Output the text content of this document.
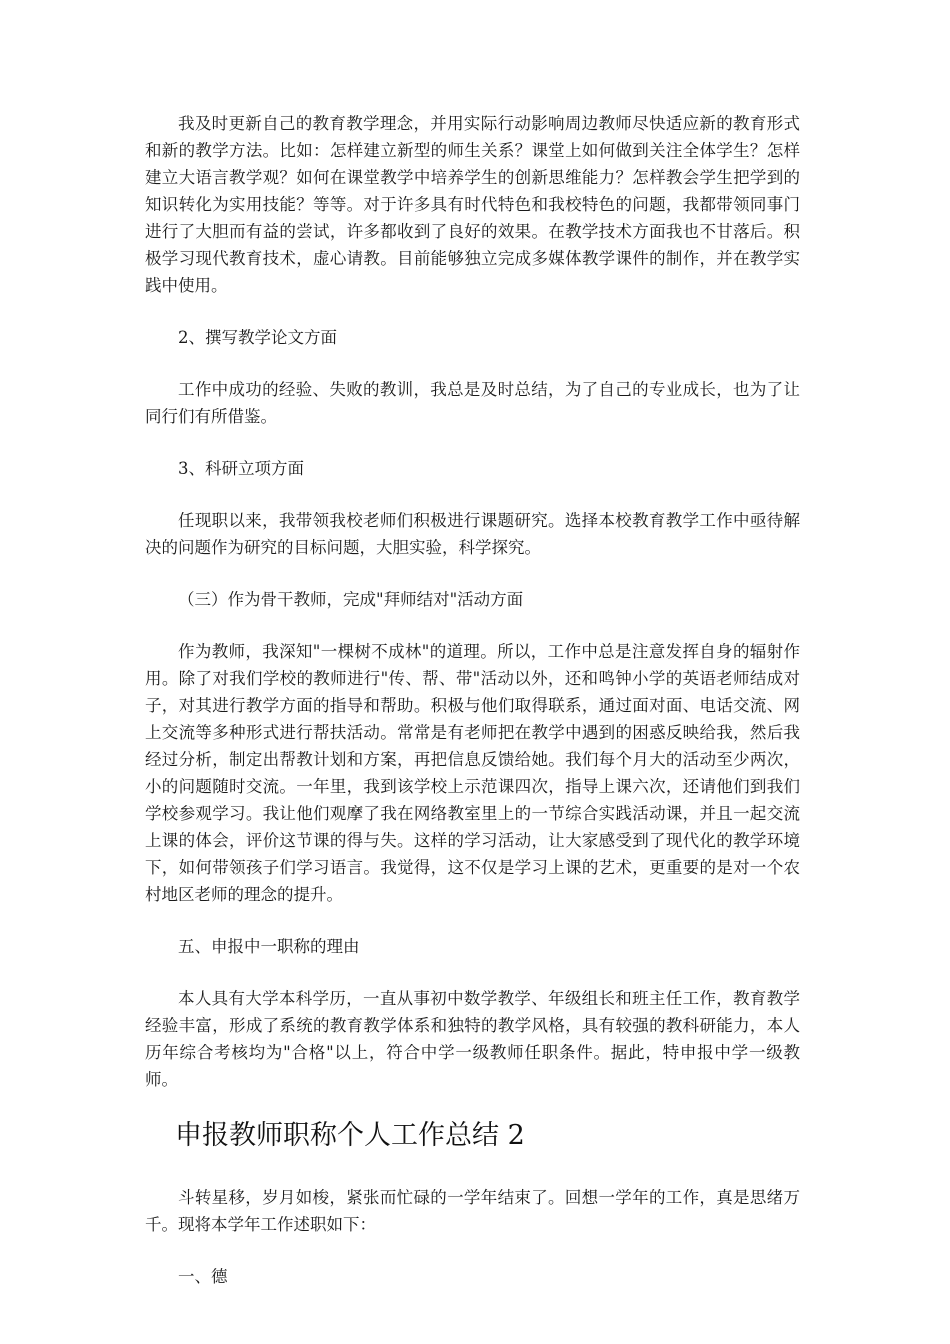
我及时更新自己的教育教学理念，并用实际行动影响周边教师尽快适应新的教育形式和新的教学方法。比如：怎样建立新型的师生关系？课堂上如何做到关注全体学生？怎样建立大语言教学观？如何在课堂教学中培养学生的创新思维能力？怎样教会学生把学到的知识转化为实用技能？等等。对于许多具有时代特色和我校特色的问题，我都带领同事门进行了大胆而有益的尝试，许多都收到了良好的效果。在教学技术方面我也不甘落后。积极学习现代教育技术，虚心请教。目前能够独立完成多媒体教学课件的制作，并在教学实践中使用。

2、撰写教学论文方面

工作中成功的经验、失败的教训，我总是及时总结，为了自己的专业成长，也为了让同行们有所借鉴。

3、科研立项方面

任现职以来，我带领我校老师们积极进行课题研究。选择本校教育教学工作中亟待解决的问题作为研究的目标问题，大胆实验，科学探究。

（三）作为骨干教师，完成"拜师结对"活动方面

作为教师，我深知"一棵树不成林"的道理。所以，工作中总是注意发挥自身的辐射作用。除了对我们学校的教师进行"传、帮、带"活动以外，还和鸣钟小学的英语老师结成对子，对其进行教学方面的指导和帮助。积极与他们取得联系，通过面对面、电话交流、网上交流等多种形式进行帮扶活动。常常是有老师把在教学中遇到的困惑反映给我，然后我经过分析，制定出帮教计划和方案，再把信息反馈给她。我们每个月大的活动至少两次，小的问题随时交流。一年里，我到该学校上示范课四次，指导上课六次，还请他们到我们学校参观学习。我让他们观摩了我在网络教室里上的一节综合实践活动课，并且一起交流上课的体会，评价这节课的得与失。这样的学习活动，让大家感受到了现代化的教学环境下，如何带领孩子们学习语言。我觉得，这不仅是学习上课的艺术，更重要的是对一个农村地区老师的理念的提升。

五、申报中一职称的理由

本人具有大学本科学历，一直从事初中数学教学、年级组长和班主任工作，教育教学经验丰富，形成了系统的教育教学体系和独特的教学风格，具有较强的教科研能力，本人历年综合考核均为"合格"以上，符合中学一级教师任职条件。据此，特申报中学一级教师。

申报教师职称个人工作总结 2

斗转星移，岁月如梭，紧张而忙碌的一学年结束了。回想一学年的工作，真是思绪万千。现将本学年工作述职如下：

一、德
